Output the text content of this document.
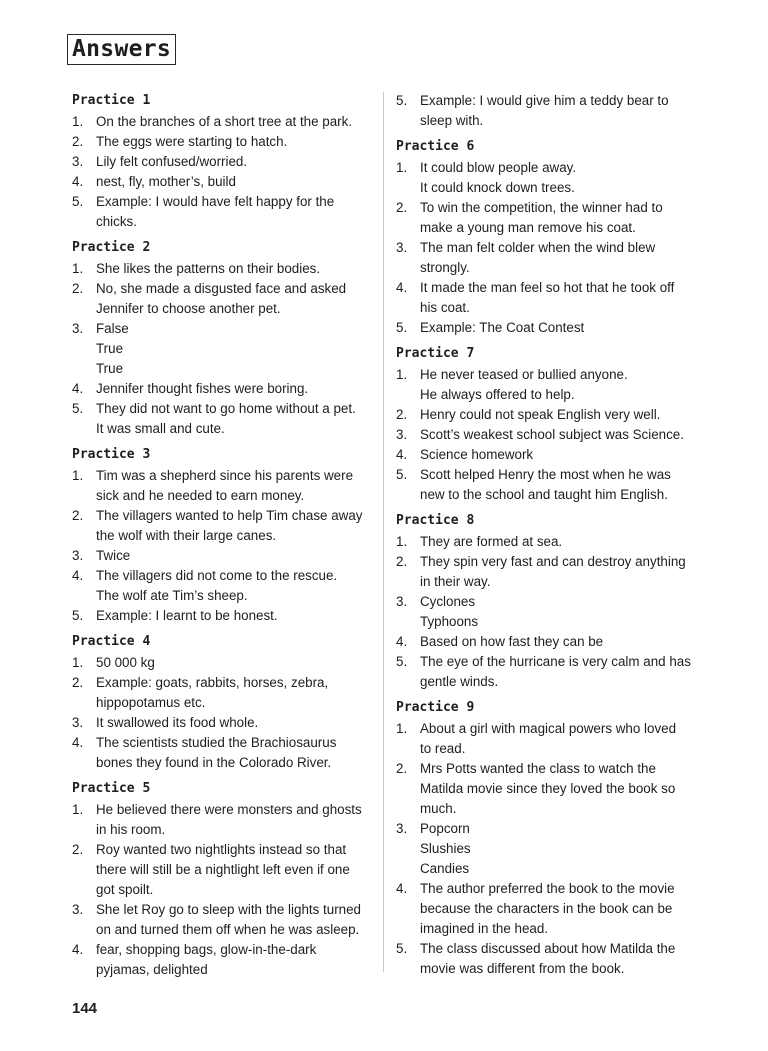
Answers
Practice 1
1. On the branches of a short tree at the park.
2. The eggs were starting to hatch.
3. Lily felt confused/worried.
4. nest, fly, mother’s, build
5. Example: I would have felt happy for the
chicks.
Practice 2
1. She likes the patterns on their bodies.
2. No, she made a disgusted face and asked
Jennifer to choose another pet.
3. False
True
True
4. Jennifer thought fishes were boring.
5. They did not want to go home without a pet.
It was small and cute.
Practice 3
1. Tim was a shepherd since his parents were
sick and he needed to earn money.
2. The villagers wanted to help Tim chase away
the wolf with their large canes.
3. Twice
4. The villagers did not come to the rescue.
The wolf ate Tim’s sheep.
5. Example: I learnt to be honest.
Practice 4
1. 50 000 kg
2. Example: goats, rabbits, horses, zebra,
hippopotamus etc.
3. It swallowed its food whole.
4. The scientists studied the Brachiosaurus
bones they found in the Colorado River.
Practice 5
1. He believed there were monsters and ghosts
in his room.
2. Roy wanted two nightlights instead so that
there will still be a nightlight left even if one
got spoilt.
3. She let Roy go to sleep with the lights turned
on and turned them off when he was asleep.
4. fear, shopping bags, glow-in-the-dark
pyjamas, delighted
5. Example: I would give him a teddy bear to
sleep with.
Practice 6
1. It could blow people away.
It could knock down trees.
2. To win the competition, the winner had to
make a young man remove his coat.
3. The man felt colder when the wind blew
strongly.
4. It made the man feel so hot that he took off
his coat.
5. Example: The Coat Contest
Practice 7
1. He never teased or bullied anyone.
He always offered to help.
2. Henry could not speak English very well.
3. Scott’s weakest school subject was Science.
4. Science homework
5. Scott helped Henry the most when he was
new to the school and taught him English.
Practice 8
1. They are formed at sea.
2. They spin very fast and can destroy anything
in their way.
3. Cyclones
Typhoons
4. Based on how fast they can be
5. The eye of the hurricane is very calm and has
gentle winds.
Practice 9
1. About a girl with magical powers who loved
to read.
2. Mrs Potts wanted the class to watch the
Matilda movie since they loved the book so
much.
3. Popcorn
Slushies
Candies
4. The author preferred the book to the movie
because the characters in the book can be
imagined in the head.
5. The class discussed about how Matilda the
movie was different from the book.
144
